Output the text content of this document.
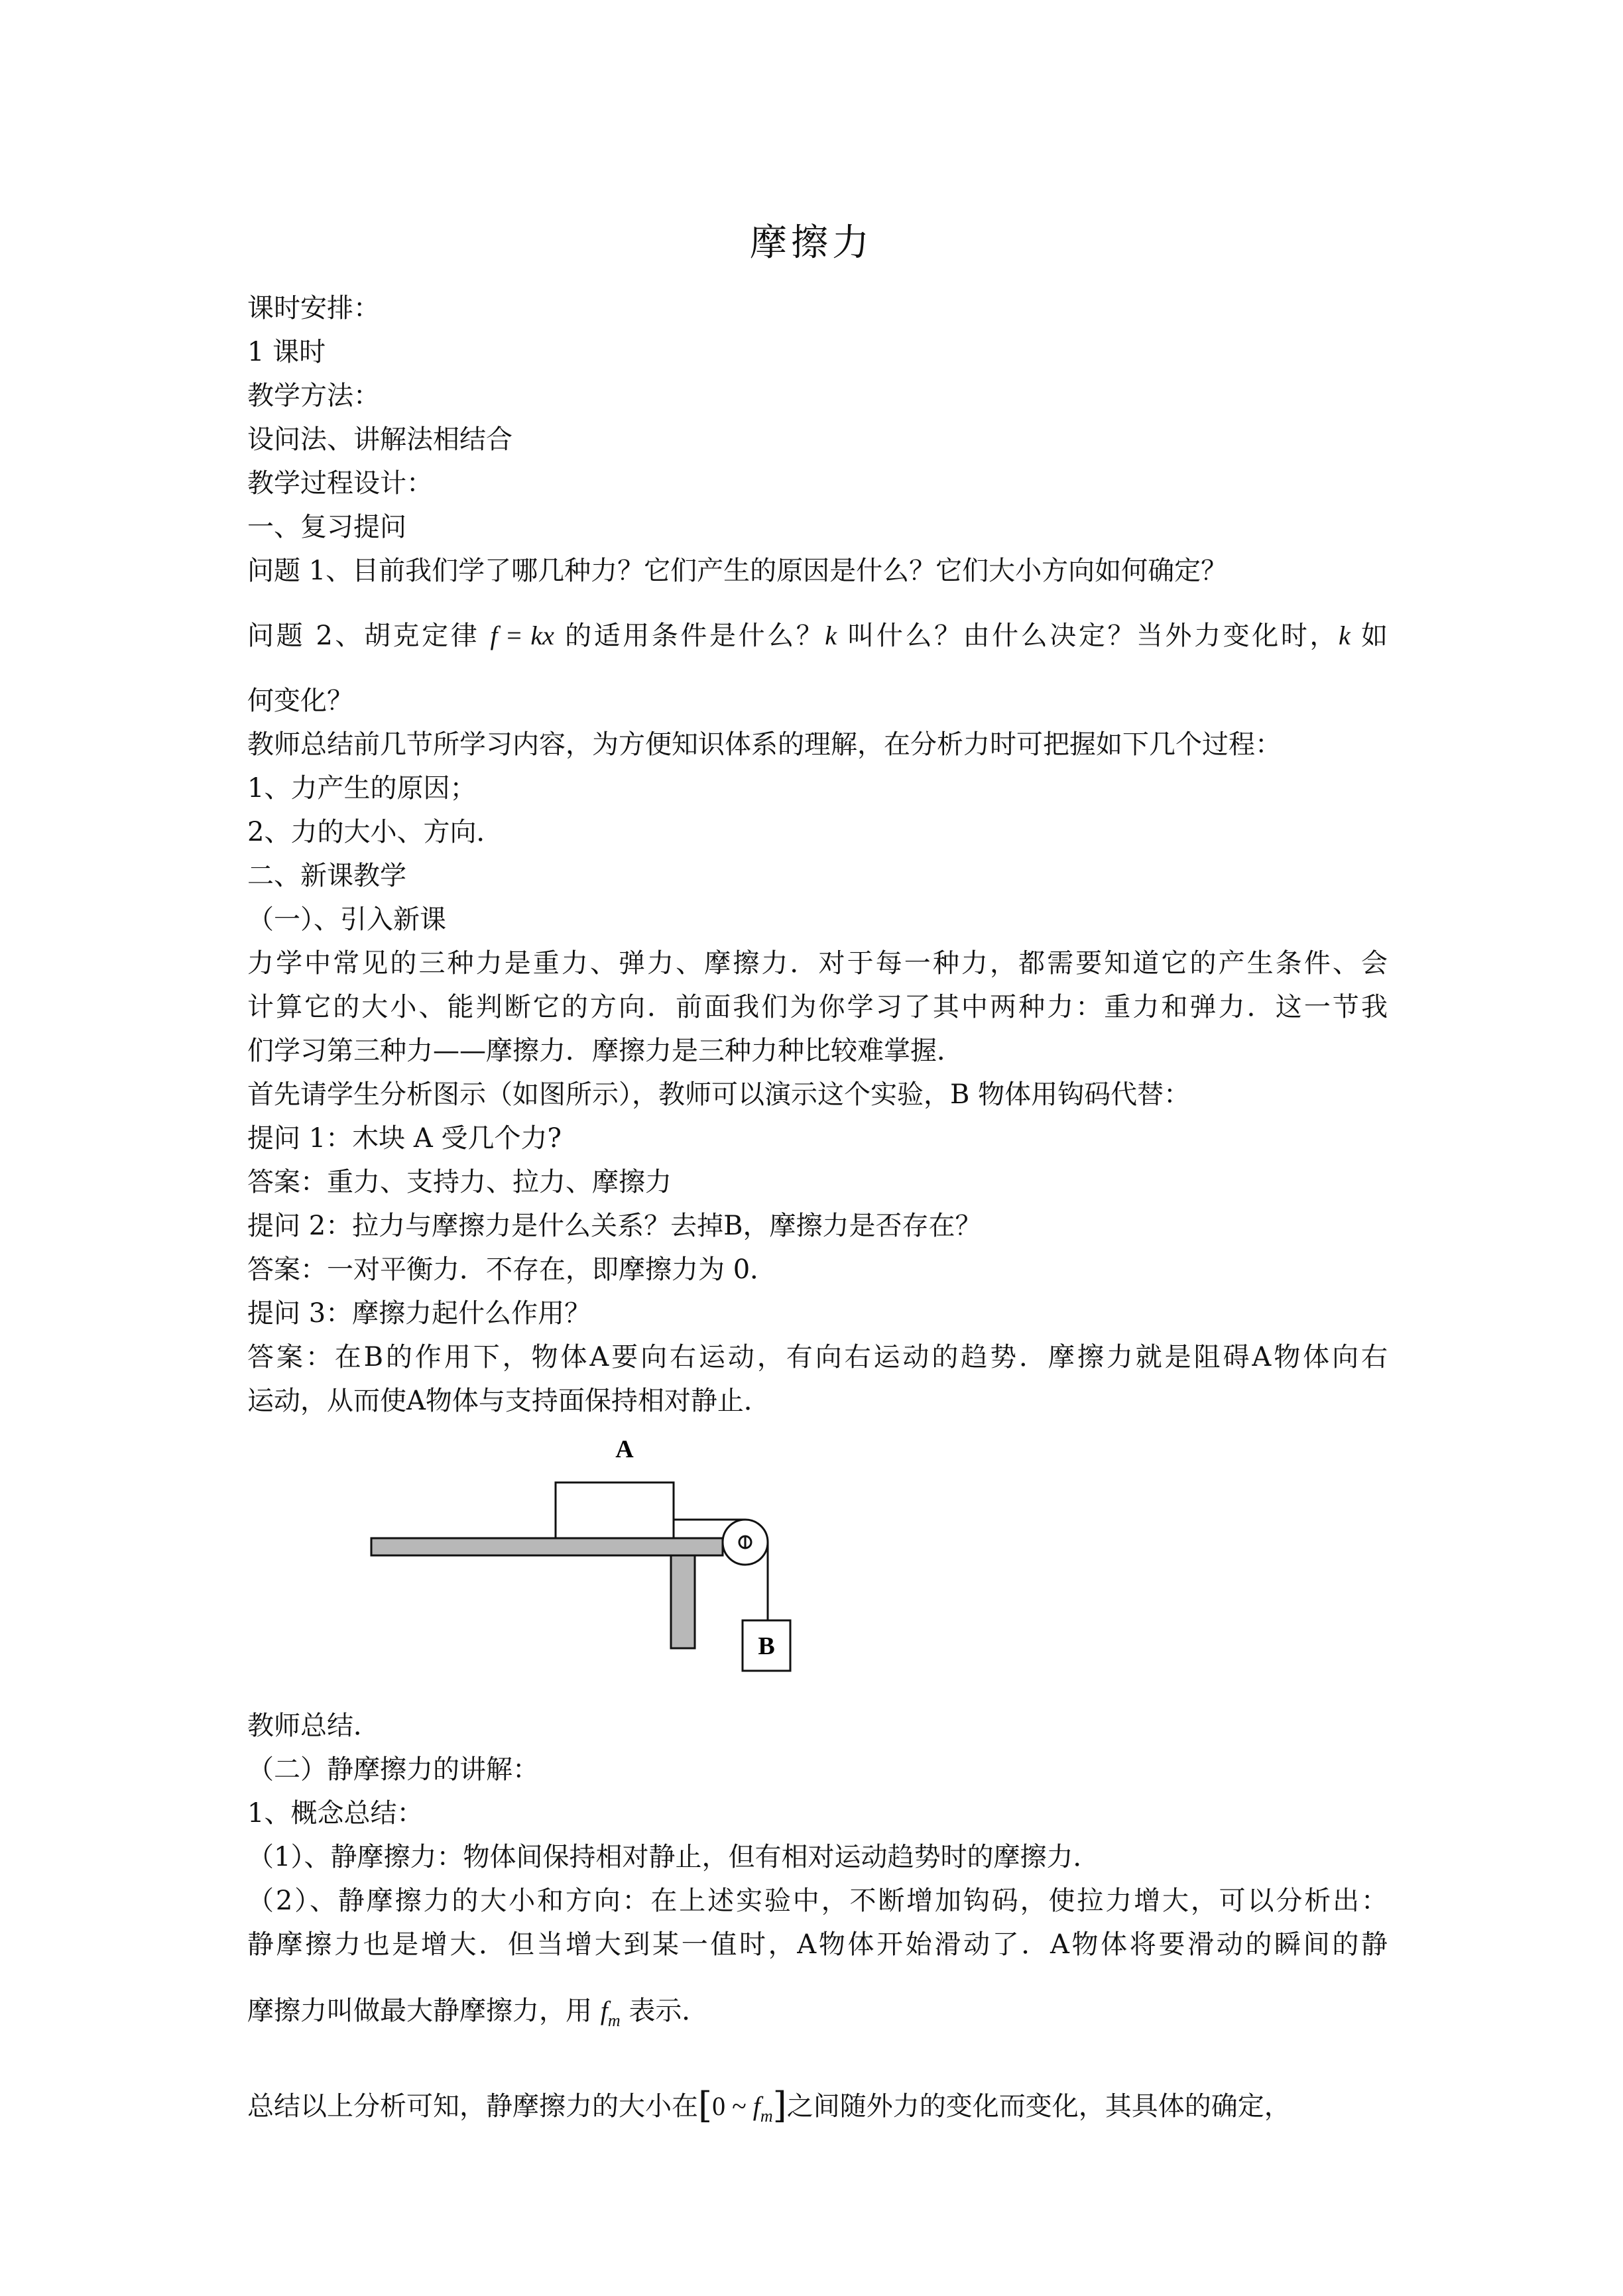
摩擦力
课时安排：
1 课时
教学方法：
设问法、讲解法相结合
教学过程设计：
一、复习提问
问题 1、目前我们学了哪几种力？它们产生的原因是什么？它们大小方向如何确定？
问题 2、胡克定律 f = kx 的适用条件是什么？k 叫什么？由什么决定？当外力变化时，k 如
何变化？
教师总结前几节所学习内容，为方便知识体系的理解，在分析力时可把握如下几个过程：
1、力产生的原因；
2、力的大小、方向．
二、新课教学
（一）、引入新课
力学中常见的三种力是重力、弹力、摩擦力．对于每一种力，都需要知道它的产生条件、会
计算它的大小、能判断它的方向．前面我们为你学习了其中两种力：重力和弹力．这一节我
们学习第三种力——摩擦力．摩擦力是三种力种比较难掌握．
首先请学生分析图示（如图所示），教师可以演示这个实验，B 物体用钩码代替：
提问 1：木块 A 受几个力?
答案：重力、支持力、拉力、摩擦力
提问 2：拉力与摩擦力是什么关系？去掉B，摩擦力是否存在？
答案：一对平衡力．不存在，即摩擦力为 0．
提问 3：摩擦力起什么作用？
答案：在B的作用下，物体A要向右运动，有向右运动的趋势．摩擦力就是阻碍A物体向右
运动，从而使A物体与支持面保持相对静止．
教师总结．
（二）静摩擦力的讲解：
1、概念总结：
（1）、静摩擦力：物体间保持相对静止，但有相对运动趋势时的摩擦力．
（2）、静摩擦力的大小和方向：在上述实验中，不断增加钩码，使拉力增大，可以分析出：
静摩擦力也是增大．但当增大到某一值时，A物体开始滑动了．A物体将要滑动的瞬间的静
摩擦力叫做最大静摩擦力，用 $f_m$ 表示．
总结以上分析可知，静摩擦力的大小在[0 ~ $f_m$]之间随外力的变化而变化，其具体的确定，
A
B
